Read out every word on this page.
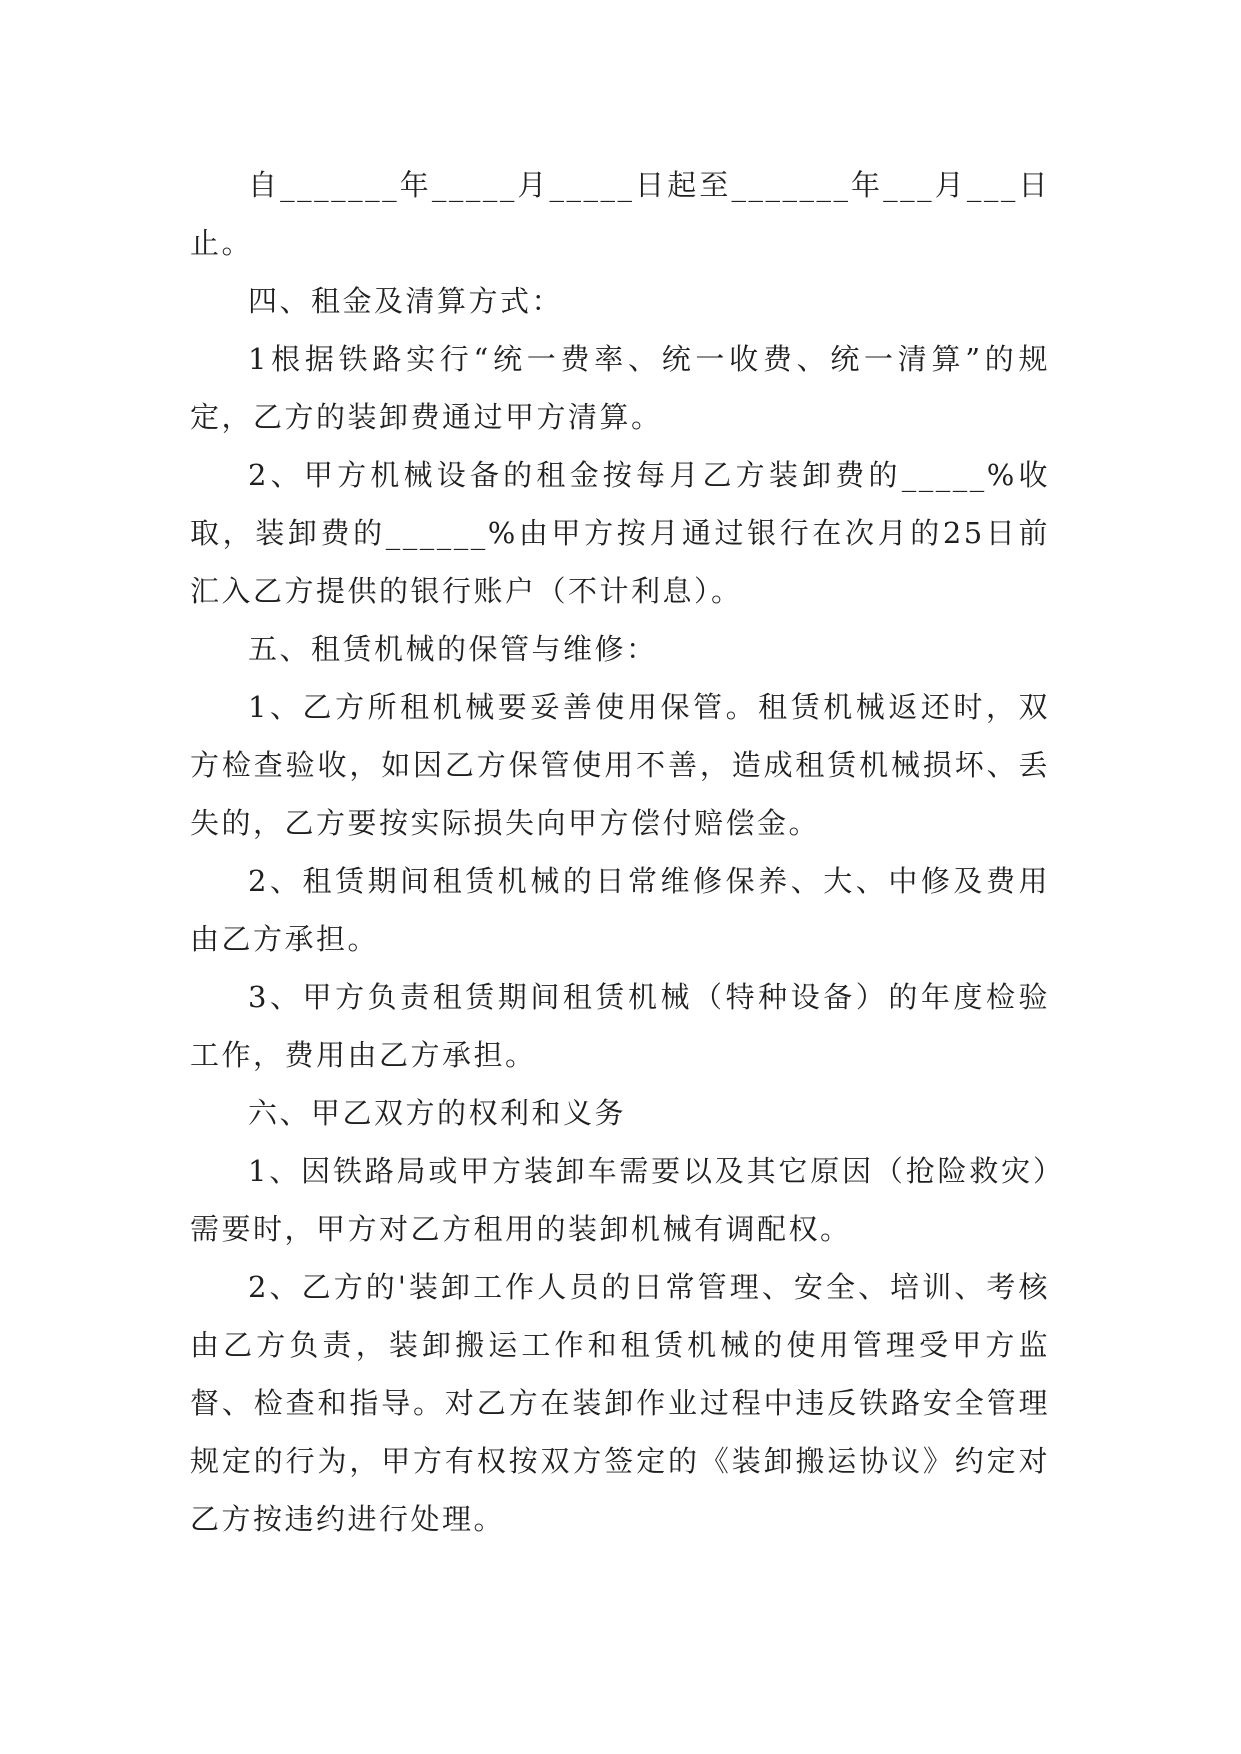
自_______年_____月_____日起至_______年___月___日止。

四、租金及清算方式：

1根据铁路实行“统一费率、统一收费、统一清算”的规定，乙方的装卸费通过甲方清算。

2、甲方机械设备的租金按每月乙方装卸费的_____%收取，装卸费的______%由甲方按月通过银行在次月的25日前汇入乙方提供的银行账户（不计利息）。

五、租赁机械的保管与维修：

1、乙方所租机械要妥善使用保管。租赁机械返还时，双方检查验收，如因乙方保管使用不善，造成租赁机械损坏、丢失的，乙方要按实际损失向甲方偿付赔偿金。

2、租赁期间租赁机械的日常维修保养、大、中修及费用由乙方承担。

3、甲方负责租赁期间租赁机械（特种设备）的年度检验工作，费用由乙方承担。

六、甲乙双方的权利和义务

1、因铁路局或甲方装卸车需要以及其它原因（抢险救灾）需要时，甲方对乙方租用的装卸机械有调配权。

2、乙方的'装卸工作人员的日常管理、安全、培训、考核由乙方负责，装卸搬运工作和租赁机械的使用管理受甲方监督、检查和指导。对乙方在装卸作业过程中违反铁路安全管理规定的行为，甲方有权按双方签定的《装卸搬运协议》约定对乙方按违约进行处理。
